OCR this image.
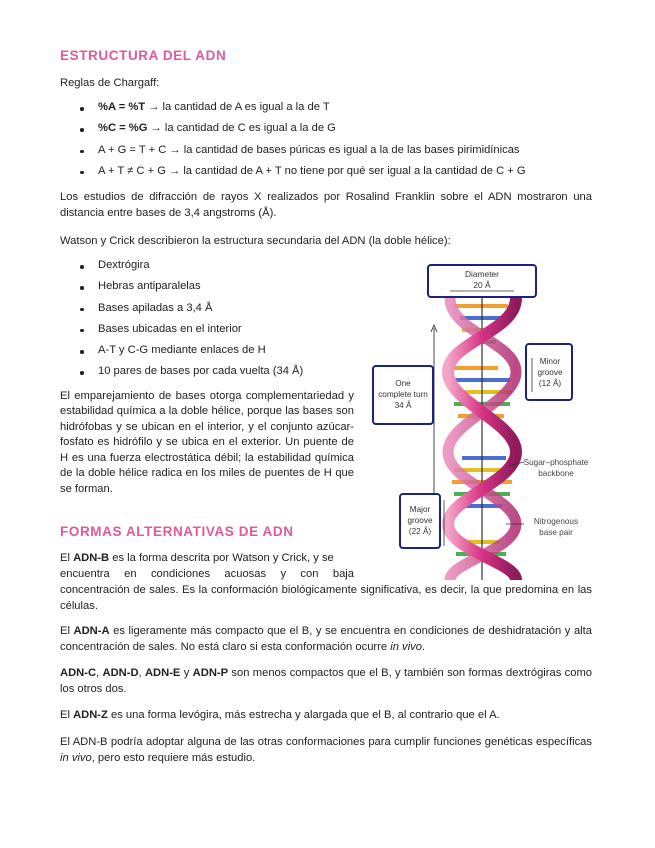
ESTRUCTURA DEL ADN

Reglas de Chargaff:

%A = %T → la cantidad de A es igual a la de T
%C = %G → la cantidad de C es igual a la de G
A + G = T + C → la cantidad de bases púricas es igual a la de las bases pirimidínicas
A + T ≠ C + G → la cantidad de A + T no tiene por qué ser igual a la cantidad de C + G

Los estudios de difracción de rayos X realizados por Rosalind Franklin sobre el ADN mostraron una distancia entre bases de 3,4 angstroms (Å).

Watson y Crick describieron la estructura secundaria del ADN (la doble hélice):

Dextrógira
Hebras antiparalelas
Bases apiladas a 3,4 Å
Bases ubicadas en el interior
A-T y C-G mediante enlaces de H
10 pares de bases por cada vuelta (34 Å)

El emparejamiento de bases otorga complementariedad y estabilidad química a la doble hélice, porque las bases son hidrófobas y se ubican en el interior, y el conjunto azúcar-fosfato es hidrófilo y se ubica en el exterior. Un puente de H es una fuerza electrostática débil; la estabilidad química de la doble hélice radica en los miles de puentes de H que se forman.

FORMAS ALTERNATIVAS DE ADN
El ADN-B es la forma descrita por Watson y Crick, y se
encuentra en condiciones acuosas y con baja
concentración de sales. Es la conformación biológicamente significativa, es decir, la que predomina en las células.

El ADN-A es ligeramente más compacto que el B, y se encuentra en condiciones de deshidratación y alta concentración de sales. No está claro si esta conformación ocurre in vivo.

ADN-C, ADN-D, ADN-E y ADN-P son menos compactos que el B, y también son formas dextrógiras como los otros dos.

El ADN-Z es una forma levógira, más estrecha y alargada que el B, al contrario que el A.

El ADN-B podría adoptar alguna de las otras conformaciones para cumplir funciones genéticas específicas in vivo, pero esto requiere más estudio.

Diameter
20 Å
One
complete turn
34 Å
Minor
groove
(12 Å)
Sugar–phosphate
backbone
Major
groove
(22 Å)
Nitrogenous
base pair
